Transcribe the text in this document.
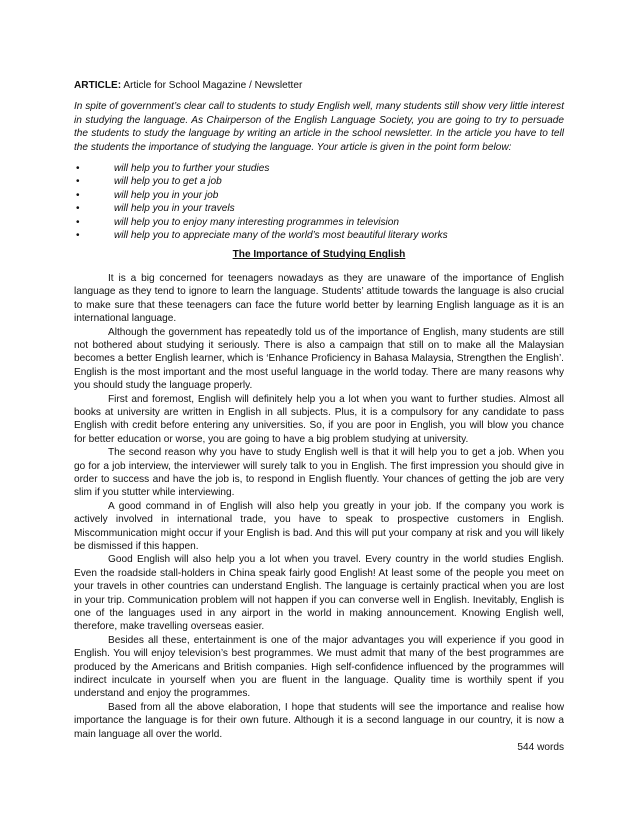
ARTICLE: Article for School Magazine / Newsletter

In spite of government’s clear call to students to study English well, many students still show very little interest in studying the language. As Chairperson of the English Language Society, you are going to try to persuade the students to study the language by writing an article in the school newsletter. In the article you have to tell the students the importance of studying the language. Your article is given in the point form below:

•	will help you to further your studies
•	will help you to get a job
•	will help you in your job
•	will help you in your travels
•	will help you to enjoy many interesting programmes in television
•	will help you to appreciate many of the world’s most beautiful literary works

The Importance of Studying English

It is a big concerned for teenagers nowadays as they are unaware of the importance of English language as they tend to ignore to learn the language. Students’ attitude towards the language is also crucial to make sure that these teenagers can face the future world better by learning English language as it is an international language.

Although the government has repeatedly told us of the importance of English, many students are still not bothered about studying it seriously. There is also a campaign that still on to make all the Malaysian becomes a better English learner, which is ‘Enhance Proficiency in Bahasa Malaysia, Strengthen the English’. English is the most important and the most useful language in the world today. There are many reasons why you should study the language properly.

First and foremost, English will definitely help you a lot when you want to further studies. Almost all books at university are written in English in all subjects. Plus, it is a compulsory for any candidate to pass English with credit before entering any universities. So, if you are poor in English, you will blow you chance for better education or worse, you are going to have a big problem studying at university.

The second reason why you have to study English well is that it will help you to get a job. When you go for a job interview, the interviewer will surely talk to you in English. The first impression you should give in order to success and have the job is, to respond in English fluently. Your chances of getting the job are very slim if you stutter while interviewing.

A good command in of English will also help you greatly in your job. If the company you work is actively involved in international trade, you have to speak to prospective customers in English. Miscommunication might occur if your English is bad. And this will put your company at risk and you will likely be dismissed if this happen.

Good English will also help you a lot when you travel. Every country in the world studies English. Even the roadside stall-holders in China speak fairly good English! At least some of the people you meet on your travels in other countries can understand English. The language is certainly practical when you are lost in your trip. Communication problem will not happen if you can converse well in English. Inevitably, English is one of the languages used in any airport in the world in making announcement. Knowing English well, therefore, make travelling overseas easier.

Besides all these, entertainment is one of the major advantages you will experience if you good in English. You will enjoy television’s best programmes. We must admit that many of the best programmes are produced by the Americans and British companies. High self-confidence influenced by the programmes will indirect inculcate in yourself when you are fluent in the language. Quality time is worthily spent if you understand and enjoy the programmes.

Based from all the above elaboration, I hope that students will see the importance and realise how importance the language is for their own future. Although it is a second language in our country, it is now a main language all over the world.

544 words
